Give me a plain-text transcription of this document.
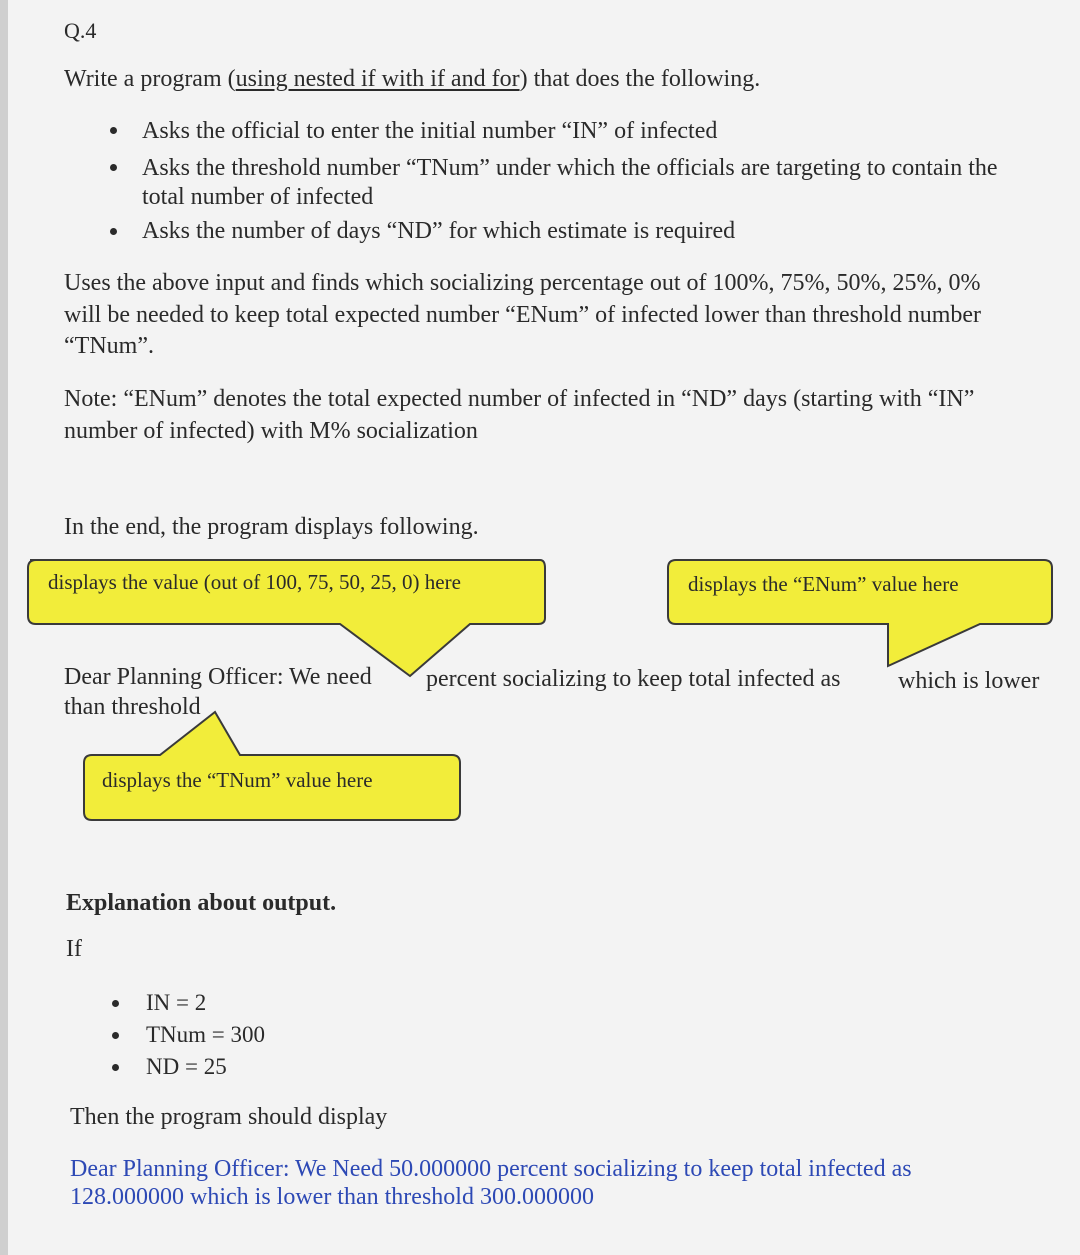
Q.4
Write a program (using nested if with if and for) that does the following.
Asks the official to enter the initial number “IN” of infected
Asks the threshold number “TNum” under which the officials are targeting to contain the
total number of infected
Asks the number of days “ND” for which estimate is required
Uses the above input and finds which socializing percentage out of 100%, 75%, 50%, 25%, 0%
will be needed to keep total expected number “ENum” of infected lower than threshold number
“TNum”.
Note: “ENum” denotes the total expected number of infected in “ND” days (starting with “IN”
number of infected) with M% socialization
In the end, the program displays following.
displays the value (out of 100, 75, 50, 25, 0) here	displays the “ENum” value here
displays the “TNum” value here
Dear Planning Officer: We need percent socializing to keep total infected as which is lower
than threshold
Explanation about output.
If
IN = 2
TNum = 300
ND = 25
Then the program should display
Dear Planning Officer: We Need 50.000000 percent socializing to keep total infected as
128.000000 which is lower than threshold 300.000000
